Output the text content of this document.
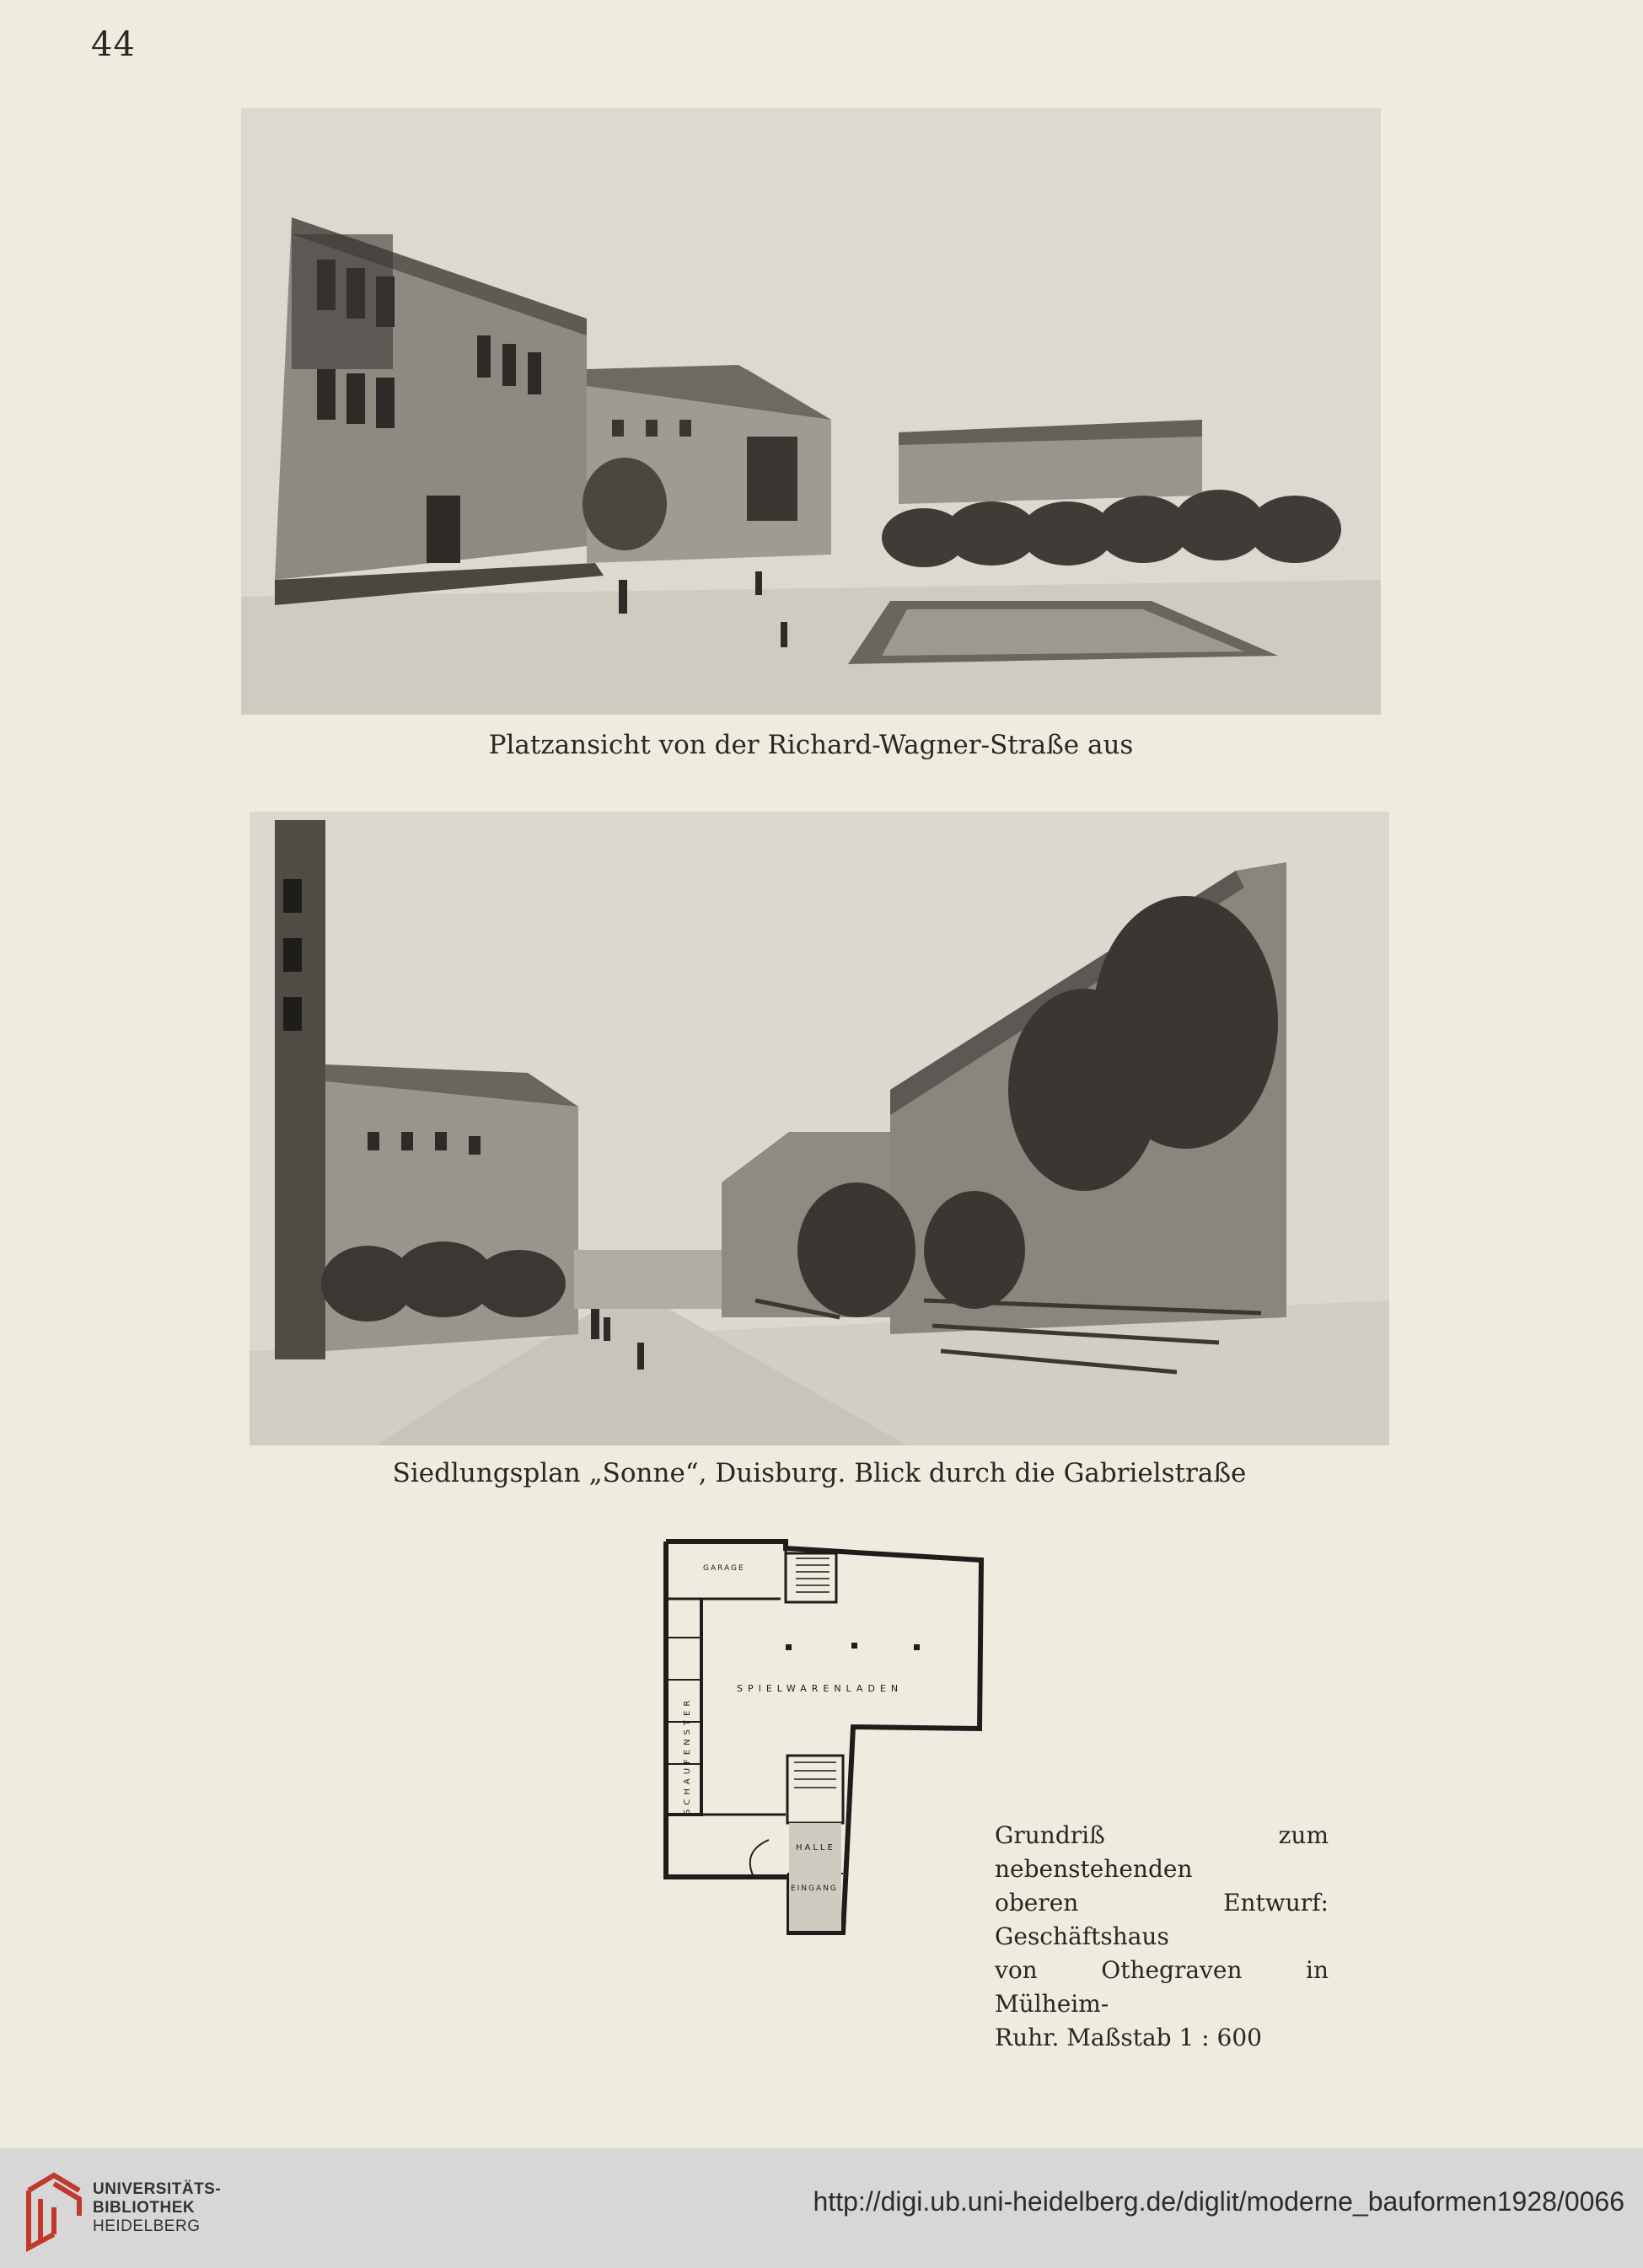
44
Platzansicht von der Richard-Wagner-Straße aus
Siedlungsplan „Sonne“, Duisburg. Blick durch die Gabrielstraße
GARAGE
SPIELWARENLADEN
SCHAUFENSTER
HALLE
EINGANG
Grundriß zum nebenstehenden
oberen Entwurf: Geschäftshaus
von Othegraven in Mülheim-
Ruhr. Maßstab 1 : 600
UNIVERSITÄTS-
BIBLIOTHEK
HEIDELBERG
http://digi.ub.uni-heidelberg.de/diglit/moderne_bauformen1928/0066
